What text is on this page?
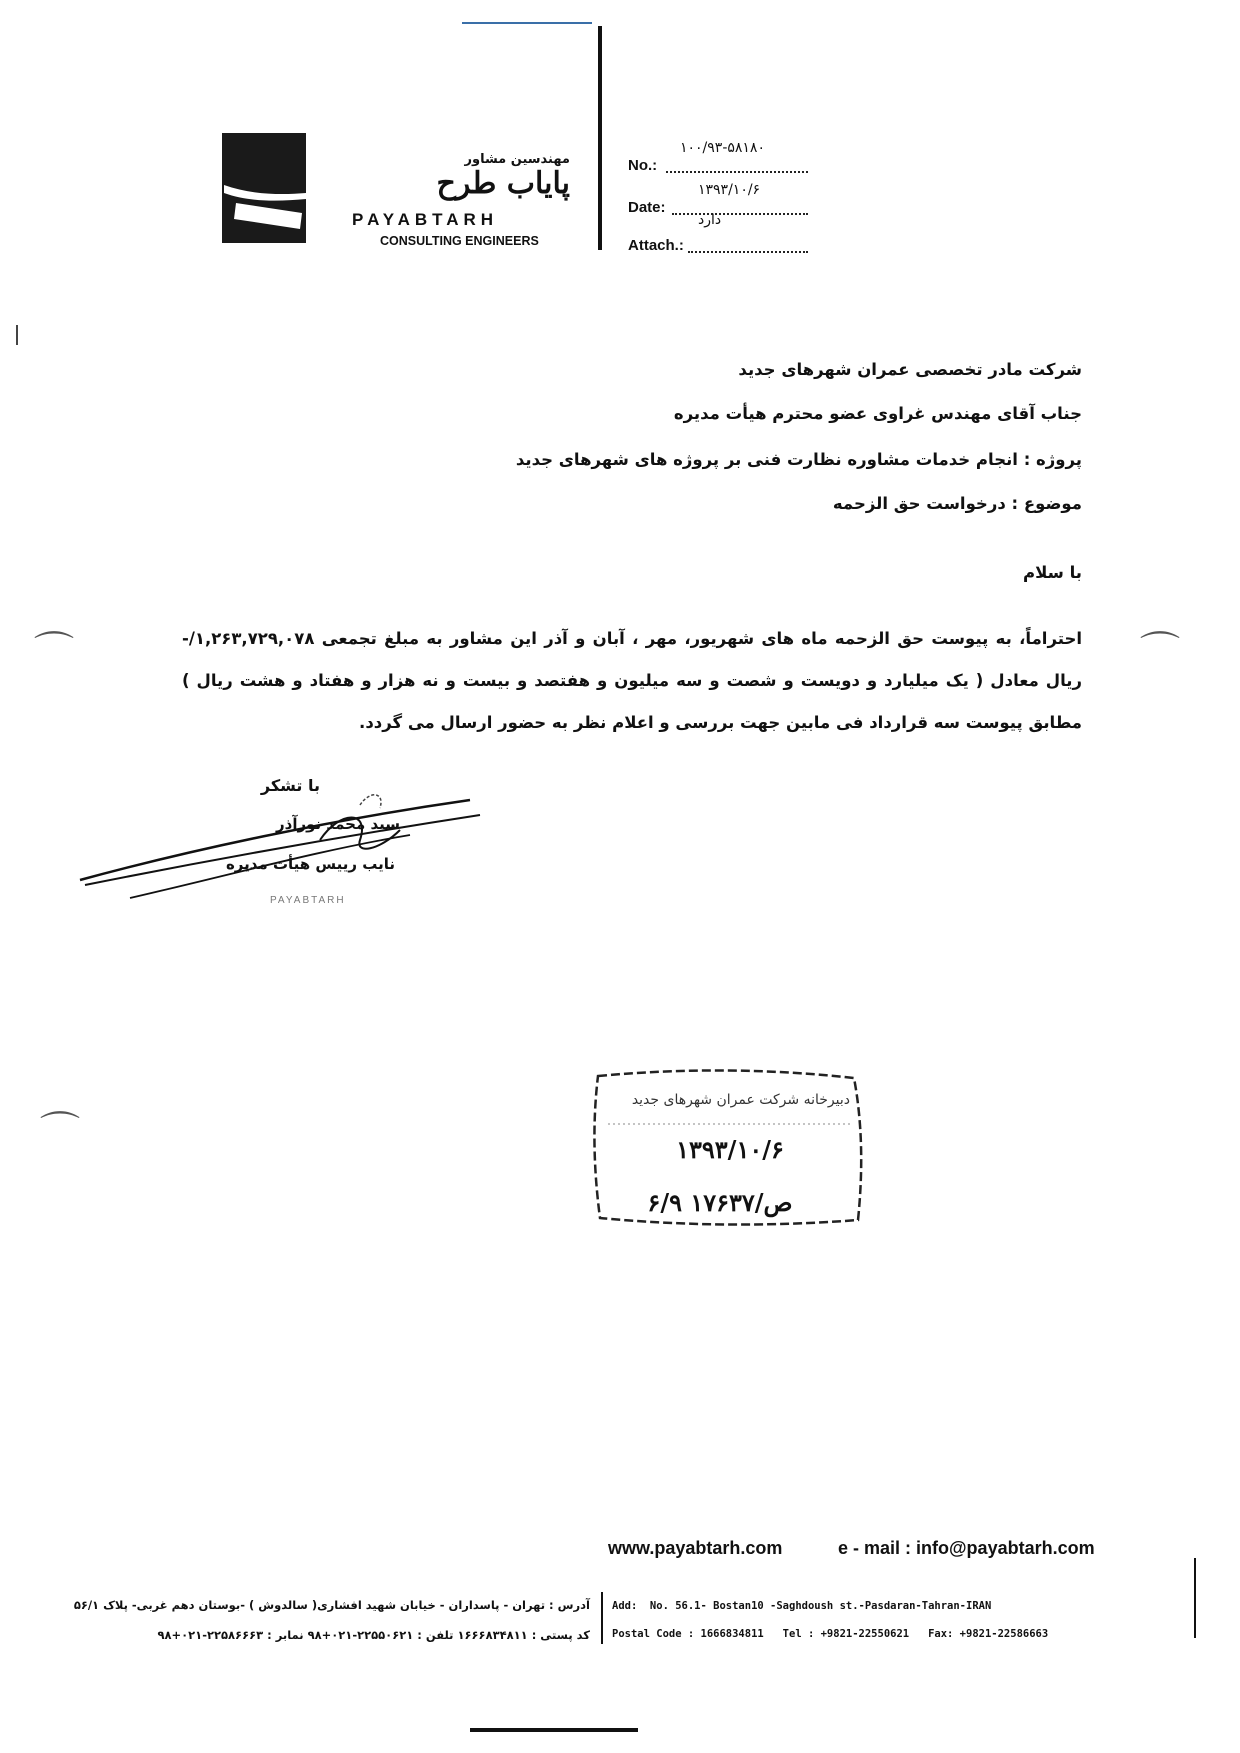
مهندسین مشاور
پایاب طرح
PAYABTARH
CONSULTING ENGINEERS
No.:
۱۰۰/۹۳-۵۸۱۸۰
Date:
۱۳۹۳/۱۰/۶
Attach.:
دارد
شرکت مادر تخصصی عمران شهرهای جدید
جناب آقای مهندس غراوی عضو محترم هیأت مدیره
پروژه : انجام خدمات مشاوره نظارت فنی بر پروژه های شهرهای جدید
موضوع : درخواست حق الزحمه
با سلام
احتراماً، به پیوست حق الزحمه ماه های شهریور، مهر ، آبان و آذر این مشاور به مبلغ تجمعی ۱,۲۶۳,۷۲۹,۰۷۸/- ریال معادل ( یک میلیارد و دویست و شصت و سه میلیون و هفتصد و بیست و نه هزار و هفتاد و هشت ریال ) مطابق پیوست سه قرارداد فی مابین جهت بررسی و اعلام نظر به حضور ارسال می گردد.
با تشکر
سید محمد نورآذر
نایب رییس هیأت مدیره
PAYABTARH
دبیرخانه شرکت عمران شهرهای جدید
۱۳۹۳/۱۰/۶
۶/۹ ص/۱۷۶۳۷
⌒	⌒
⌒
www.payabtarh.com	e - mail : info@payabtarh.com
آدرس : تهران - پاسداران - خیابان شهید افشاری( سالدوش ) -بوستان دهم غربی- پلاک ۵۶/۱
کد پستی : ۱۶۶۶۸۳۴۸۱۱ تلفن : ۲۲۵۵۰۶۲۱-۰۲۱+۹۸ نمابر : ۲۲۵۸۶۶۶۳-۰۲۱+۹۸
Add:  No. 56.1- Bostan10 -Saghdoush st.-Pasdaran-Tahran-IRAN
Postal Code : 1666834811   Tel : +9821-22550621   Fax: +9821-22586663
